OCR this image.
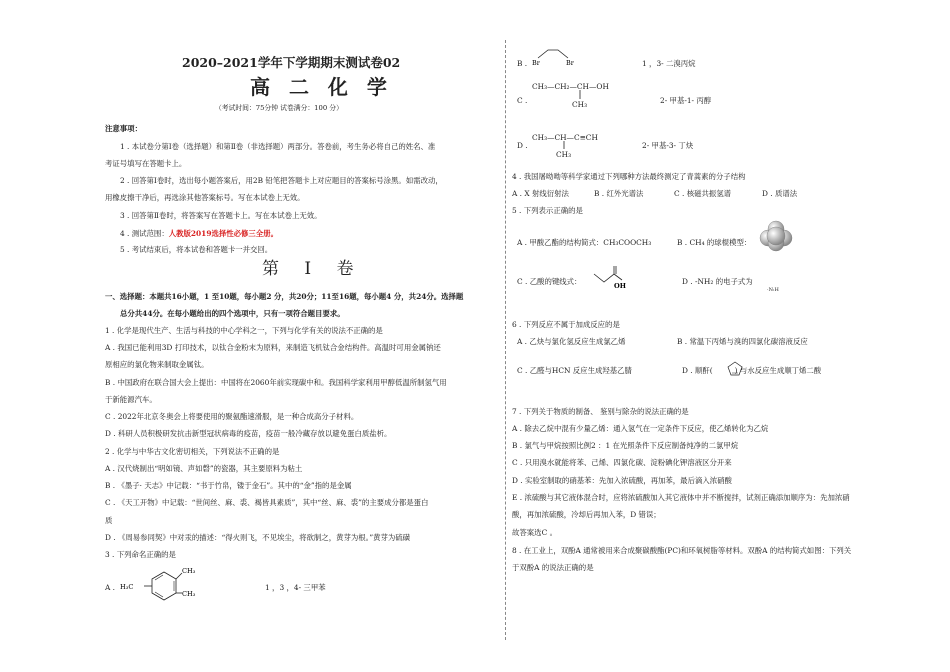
2020–2021学年下学期期末测试卷02
高 二 化 学
（考试时间：75分钟 试卷满分：100 分）
注意事项：
1 . 本试卷分第Ⅰ卷（选择题）和第Ⅱ卷（非选择题）两部分。答卷前，考生务必将自己的姓名、准
考证号填写在答题卡上。
2 . 回答第Ⅰ卷时，选出每小题答案后，用2B 铅笔把答题卡上对应题目的答案标号涂黑。如需改动，
用橡皮擦干净后，再选涂其他答案标号。写在本试卷上无效。
3 . 回答第Ⅱ卷时，将答案写在答题卡上。写在本试卷上无效。
4 . 测试范围：人教版2019选择性必修三全册。
5 . 考试结束后，将本试卷和答题卡一并交回。
第 Ⅰ 卷
一、选择题：本题共16小题，1 至10题，每小题2 分，共20分；11至16题，每小题4 分，共24分。选择题
总分共44分。在每小题给出的四个选项中，只有一项符合题目要求。
1 . 化学是现代生产、生活与科技的中心学科之一，下列与化学有关的说法不正确的是
A . 我国已能利用3D 打印技术，以钛合金粉末为原料，来制造飞机钛合金结构件。高温时可用金属钠还
原相应的氯化物来制取金属钛。
B . 中国政府在联合国大会上提出：中国将在2060年前实现碳中和。我国科学家利用甲醇低温所制氢气用
于新能源汽车。
C . 2022年北京冬奥会上将要使用的聚氨酯速滑服，是一种合成高分子材料。
D . 科研人员积极研发抗击新型冠状病毒的疫苗，疫苗一般冷藏存放以避免蛋白质盐析。
2 . 化学与中华古文化密切相关，下列说法不正确的是
A . 汉代烧制出“明如镜、声如磬”的瓷器，其主要原料为粘土
B . 《墨子· 天志》中记载：“书于竹帛，镂于金石”。其中的“金”指的是金属
C . 《天工开物》中记载：“世间丝、麻、裘、褐皆具素质”，其中“丝、麻、裘”的主要成分都是蛋白
质
D . 《周易参同契》中对汞的描述：“得火则飞，不见埃尘，将欲制之，黄芽为根。”黄芽为硫磺
3 . 下列命名正确的是
A .
CH₃
CH₃
H₃C	1 ，3 ，4- 三甲苯
B . Br	Br	1 ，3- 二溴丙烷
C .
CH₃—CH₂—CH—OH
CH₃	2- 甲基-1- 丙醇
D .
CH₃—CH—C≡CH
CH₃
2- 甲基-3- 丁炔
4 . 我国屠呦呦等科学家通过下列哪种方法最终测定了青蒿素的分子结构
A . X 射线衍射法	B . 红外光谱法	C . 核磁共振氢谱	D . 质谱法
5 . 下列表示正确的是
A . 甲酸乙酯的结构简式：CH₃COOCH₃	B . CH₄ 的球棍模型：
C . 乙酸的键线式：	OH	D . -NH₂ 的电子式为
·N:H
6 . 下列反应不属于加成反应的是
A . 乙炔与氯化氢反应生成氯乙烯	B . 常温下丙烯与溴的四氯化碳溶液反应
C . 乙醛与HCN 反应生成羟基乙腈	D . 顺酐(	) 与水反应生成顺丁烯二酸
7 . 下列关于物质的制备、 鉴别与除杂的说法正确的是
A . 除去乙烷中混有少量乙烯：通入氢气在一定条件下反应，使乙烯转化为乙烷
B . 氯气与甲烷按照比例2 ：1 在光照条件下反应制备纯净的二氯甲烷
C . 只用溴水就能将苯、己烯、四氯化碳、淀粉碘化钾溶液区分开来
D . 实验室制取的硝基苯：先加入浓硫酸，再加苯，最后滴入浓硝酸
E . 浓硫酸与其它液体混合时，应将浓硫酸加入其它液体中并不断搅拌，试剂正确添加顺序为：先加浓硝
酸，再加浓硫酸，冷却后再加入苯，D 错误；
故答案选C 。
8 . 在工业上，双酚A 通常被用来合成聚碳酸酯(PC)和环氧树脂等材料。双酚A 的结构简式如图：下列关
于双酚A 的说法正确的是
